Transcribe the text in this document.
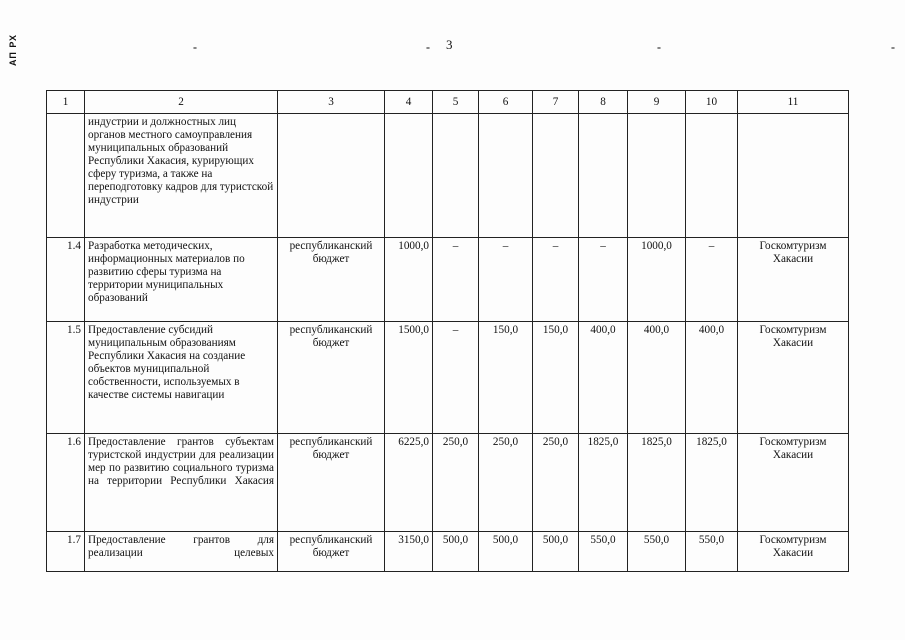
АП РХ	-	-	-	-
3
1	2	3	4	5	6	7	8	9	10	11
	индустрии и должностных лиц органов местного самоуправления муниципальных образований Республики Хакасия, курирующих сферу туризма, а также на переподготовку кадров для туристской индустрии									
1.4	Разработка методических, информационных материалов по развитию сферы туризма на территории муниципальных образований	республиканский бюджет	1000,0	–	–	–	–	1000,0	–	Госкомтуризм Хакасии
1.5	Предоставление субсидий муниципальным образованиям Республики Хакасия на создание объектов муниципальной собственности, используемых в качестве системы навигации	республиканский бюджет	1500,0	–	150,0	150,0	400,0	400,0	400,0	Госкомтуризм Хакасии
1.6	Предоставление грантов субъектам туристской индустрии для реализации мер по развитию социального туризма на территории Республики Хакасия	республиканский бюджет	6225,0	250,0	250,0	250,0	1825,0	1825,0	1825,0	Госкомтуризм Хакасии
1.7	Предоставление грантов для реализации целевых	республиканский бюджет	3150,0	500,0	500,0	500,0	550,0	550,0	550,0	Госкомтуризм Хакасии
